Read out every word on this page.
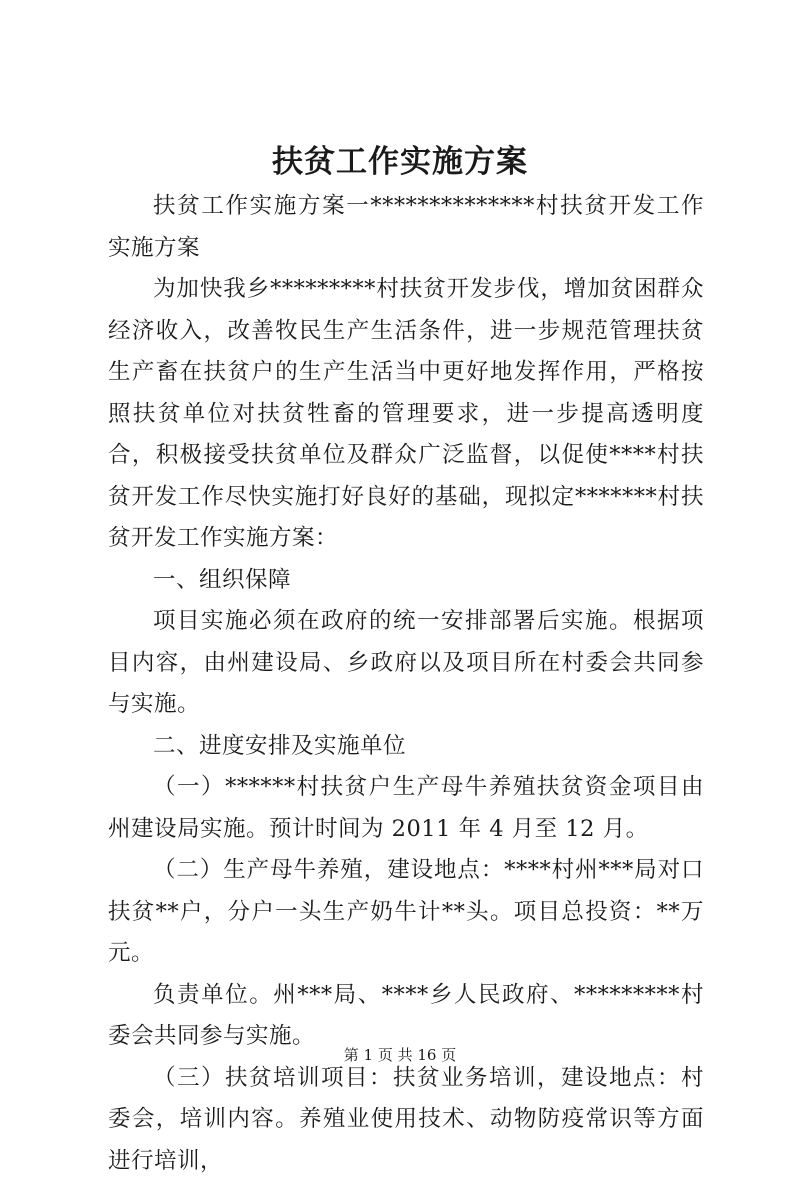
扶贫工作实施方案

扶贫工作实施方案一**************村扶贫开发工作实施方案

为加快我乡*********村扶贫开发步伐，增加贫困群众经济收入，改善牧民生产生活条件，进一步规范管理扶贫生产畜在扶贫户的生产生活当中更好地发挥作用，严格按照扶贫单位对扶贫牲畜的管理要求，进一步提高透明度合，积极接受扶贫单位及群众广泛监督，以促使****村扶贫开发工作尽快实施打好良好的基础，现拟定*******村扶贫开发工作实施方案：

一、组织保障

项目实施必须在政府的统一安排部署后实施。根据项目内容，由州建设局、乡政府以及项目所在村委会共同参与实施。

二、进度安排及实施单位

（一）******村扶贫户生产母牛养殖扶贫资金项目由州建设局实施。预计时间为 2011 年 4 月至 12 月。

（二）生产母牛养殖，建设地点：****村州***局对口扶贫**户，分户一头生产奶牛计**头。项目总投资：**万元。

负责单位。州***局、****乡人民政府、*********村委会共同参与实施。

（三）扶贫培训项目：扶贫业务培训，建设地点：村委会，培训内容。养殖业使用技术、动物防疫常识等方面进行培训，

第 1 页 共 16 页
